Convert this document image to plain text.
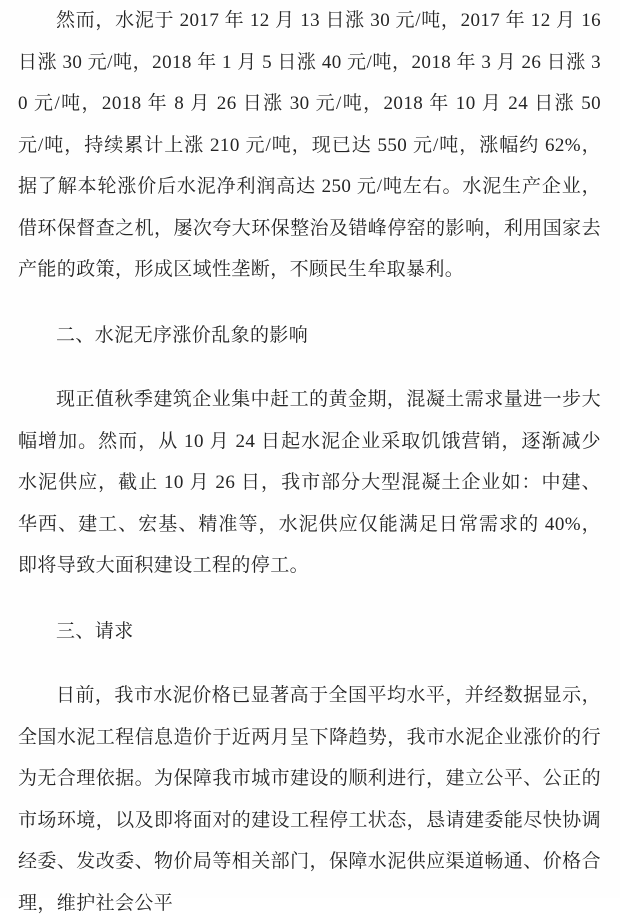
然而，水泥于 2017 年 12 月 13 日涨 30 元/吨，2017 年 12 月 16 日涨 30 元/吨，2018 年 1 月 5 日涨 40 元/吨，2018 年 3 月 26 日涨 30 元/吨，2018 年 8 月 26 日涨 30 元/吨，2018 年 10 月 24 日涨 50 元/吨，持续累计上涨 210 元/吨，现已达 550 元/吨，涨幅约 62%，据了解本轮涨价后水泥净利润高达 250 元/吨左右。水泥生产企业，借环保督查之机，屡次夸大环保整治及错峰停窑的影响，利用国家去产能的政策，形成区域性垄断，不顾民生牟取暴利。

二、水泥无序涨价乱象的影响

现正值秋季建筑企业集中赶工的黄金期，混凝土需求量进一步大幅增加。然而，从 10 月 24 日起水泥企业采取饥饿营销，逐渐减少水泥供应，截止 10 月 26 日，我市部分大型混凝土企业如：中建、华西、建工、宏基、精准等，水泥供应仅能满足日常需求的 40%，即将导致大面积建设工程的停工。

三、请求

日前，我市水泥价格已显著高于全国平均水平，并经数据显示，全国水泥工程信息造价于近两月呈下降趋势，我市水泥企业涨价的行为无合理依据。为保障我市城市建设的顺利进行，建立公平、公正的市场环境，以及即将面对的建设工程停工状态，恳请建委能尽快协调经委、发改委、物价局等相关部门，保障水泥供应渠道畅通、价格合理，维护社会公平
